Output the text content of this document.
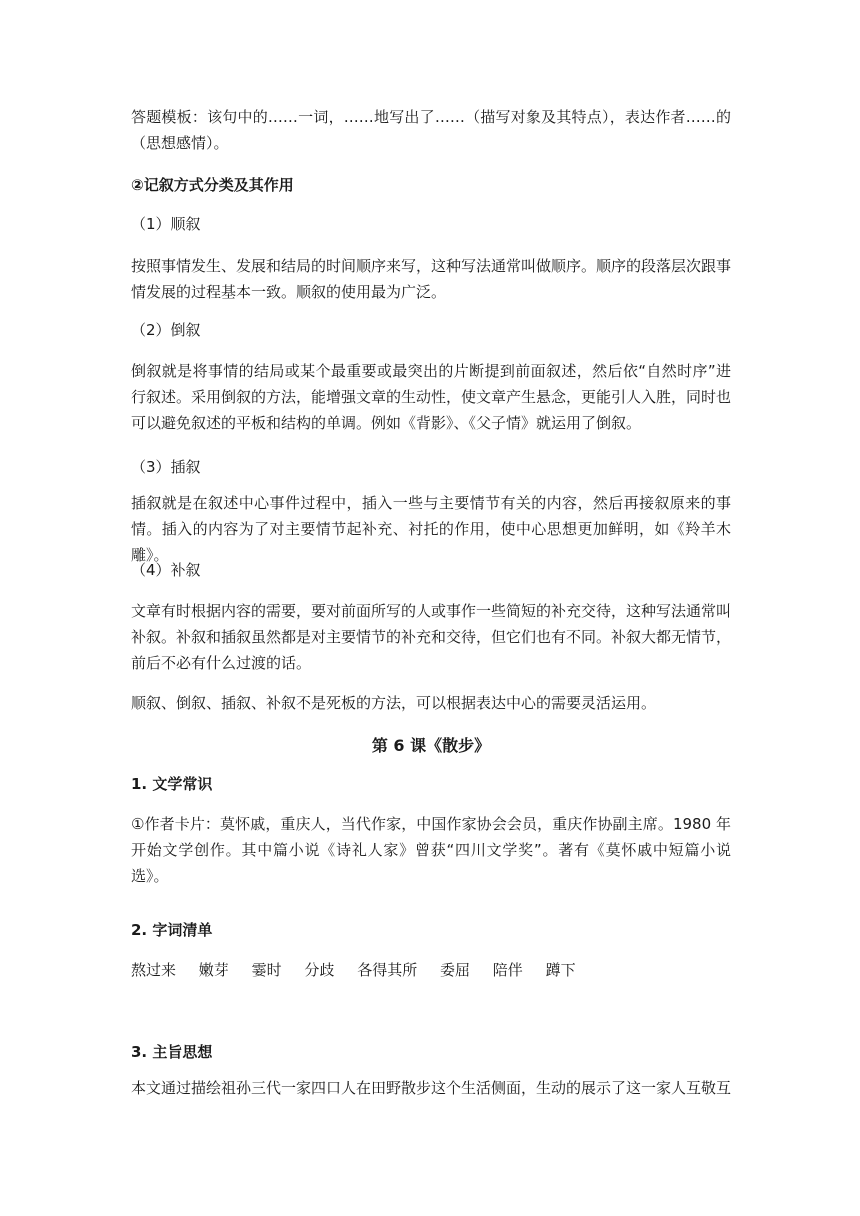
答题模板：该句中的……一词，……地写出了……（描写对象及其特点），表达作者……的（思想感情）。
②记叙方式分类及其作用
（1）顺叙
按照事情发生、发展和结局的时间顺序来写，这种写法通常叫做顺序。顺序的段落层次跟事情发展的过程基本一致。顺叙的使用最为广泛。
（2）倒叙
倒叙就是将事情的结局或某个最重要或最突出的片断提到前面叙述，然后依“自然时序”进行叙述。采用倒叙的方法，能增强文章的生动性，使文章产生悬念，更能引人入胜，同时也可以避免叙述的平板和结构的单调。例如《背影》、《父子情》就运用了倒叙。
（3）插叙
插叙就是在叙述中心事件过程中，插入一些与主要情节有关的内容，然后再接叙原来的事情。插入的内容为了对主要情节起补充、衬托的作用，使中心思想更加鲜明，如《羚羊木雕》。
（4）补叙
文章有时根据内容的需要，要对前面所写的人或事作一些简短的补充交待，这种写法通常叫补叙。补叙和插叙虽然都是对主要情节的补充和交待，但它们也有不同。补叙大都无情节，前后不必有什么过渡的话。
顺叙、倒叙、插叙、补叙不是死板的方法，可以根据表达中心的需要灵活运用。
第 6 课《散步》
1. 文学常识
①作者卡片：莫怀戚，重庆人，当代作家，中国作家协会会员，重庆作协副主席。1980 年开始文学创作。其中篇小说《诗礼人家》曾获“四川文学奖”。著有《莫怀戚中短篇小说选》。
2. 字词清单
熬过来 嫩芽 霎时 分歧 各得其所 委屈 陪伴 蹲下
3. 主旨思想
本文通过描绘祖孙三代一家四口人在田野散步这个生活侧面，生动的展示了这一家人互敬互
